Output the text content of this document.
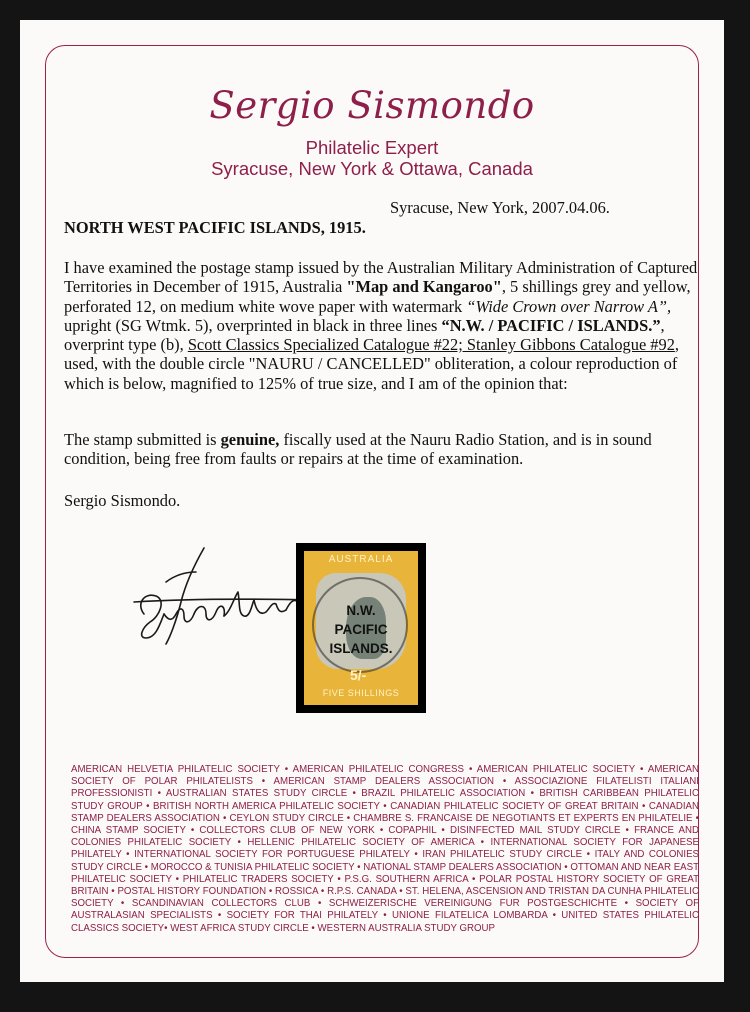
Sergio Sismondo
Philatelic Expert
Syracuse, New York & Ottawa, Canada
Syracuse, New York, 2007.04.06.
NORTH WEST PACIFIC ISLANDS, 1915.
I have examined the postage stamp issued by the Australian Military Administration of Captured Territories in December of 1915, Australia "Map and Kangaroo", 5 shillings grey and yellow, perforated 12, on medium white wove paper with watermark “Wide Crown over Narrow A”, upright (SG Wtmk. 5), overprinted in black in three lines “N.W. / PACIFIC / ISLANDS.”, overprint type (b), Scott Classics Specialized Catalogue #22; Stanley Gibbons Catalogue #92, used, with the double circle "NAURU / CANCELLED" obliteration, a colour reproduction of which is below, magnified to 125% of true size, and I am of the opinion that:
The stamp submitted is genuine, fiscally used at the Nauru Radio Station, and is in sound condition, being free from faults or repairs at the time of examination.
Sergio Sismondo.
AUSTRALIA
N.W.
PACIFIC
ISLANDS.
5/-
FIVE SHILLINGS
AMERICAN HELVETIA PHILATELIC SOCIETY • AMERICAN PHILATELIC CONGRESS • AMERICAN PHILATELIC SOCIETY • AMERICAN SOCIETY OF POLAR PHILATELISTS • AMERICAN STAMP DEALERS ASSOCIATION • ASSOCIAZIONE FILATELISTI ITALIANI PROFESSIONISTI • AUSTRALIAN STATES STUDY CIRCLE • BRAZIL PHILATELIC ASSOCIATION • BRITISH CARIBBEAN PHILATELIC STUDY GROUP • BRITISH NORTH AMERICA PHILATELIC SOCIETY • CANADIAN PHILATELIC SOCIETY OF GREAT BRITAIN • CANADIAN STAMP DEALERS ASSOCIATION • CEYLON STUDY CIRCLE • CHAMBRE S. FRANCAISE DE NEGOTIANTS ET EXPERTS EN PHILATELIE • CHINA STAMP SOCIETY • COLLECTORS CLUB OF NEW YORK • COPAPHIL • DISINFECTED MAIL STUDY CIRCLE • FRANCE AND COLONIES PHILATELIC SOCIETY • HELLENIC PHILATELIC SOCIETY OF AMERICA • INTERNATIONAL SOCIETY FOR JAPANESE PHILATELY • INTERNATIONAL SOCIETY FOR PORTUGUESE PHILATELY • IRAN PHILATELIC STUDY CIRCLE • ITALY AND COLONIES STUDY CIRCLE • MOROCCO & TUNISIA PHILATELIC SOCIETY • NATIONAL STAMP DEALERS ASSOCIATION • OTTOMAN AND NEAR EAST PHILATELIC SOCIETY • PHILATELIC TRADERS SOCIETY • P.S.G. SOUTHERN AFRICA • POLAR POSTAL HISTORY SOCIETY OF GREAT BRITAIN • POSTAL HISTORY FOUNDATION • ROSSICA • R.P.S. CANADA • ST. HELENA, ASCENSION AND TRISTAN DA CUNHA PHILATELIC SOCIETY • SCANDINAVIAN COLLECTORS CLUB • SCHWEIZERISCHE VEREINIGUNG FUR POSTGESCHICHTE • SOCIETY OF AUSTRALASIAN SPECIALISTS • SOCIETY FOR THAI PHILATELY • UNIONE FILATELICA LOMBARDA • UNITED STATES PHILATELIC CLASSICS SOCIETY• WEST AFRICA STUDY CIRCLE • WESTERN AUSTRALIA STUDY GROUP
